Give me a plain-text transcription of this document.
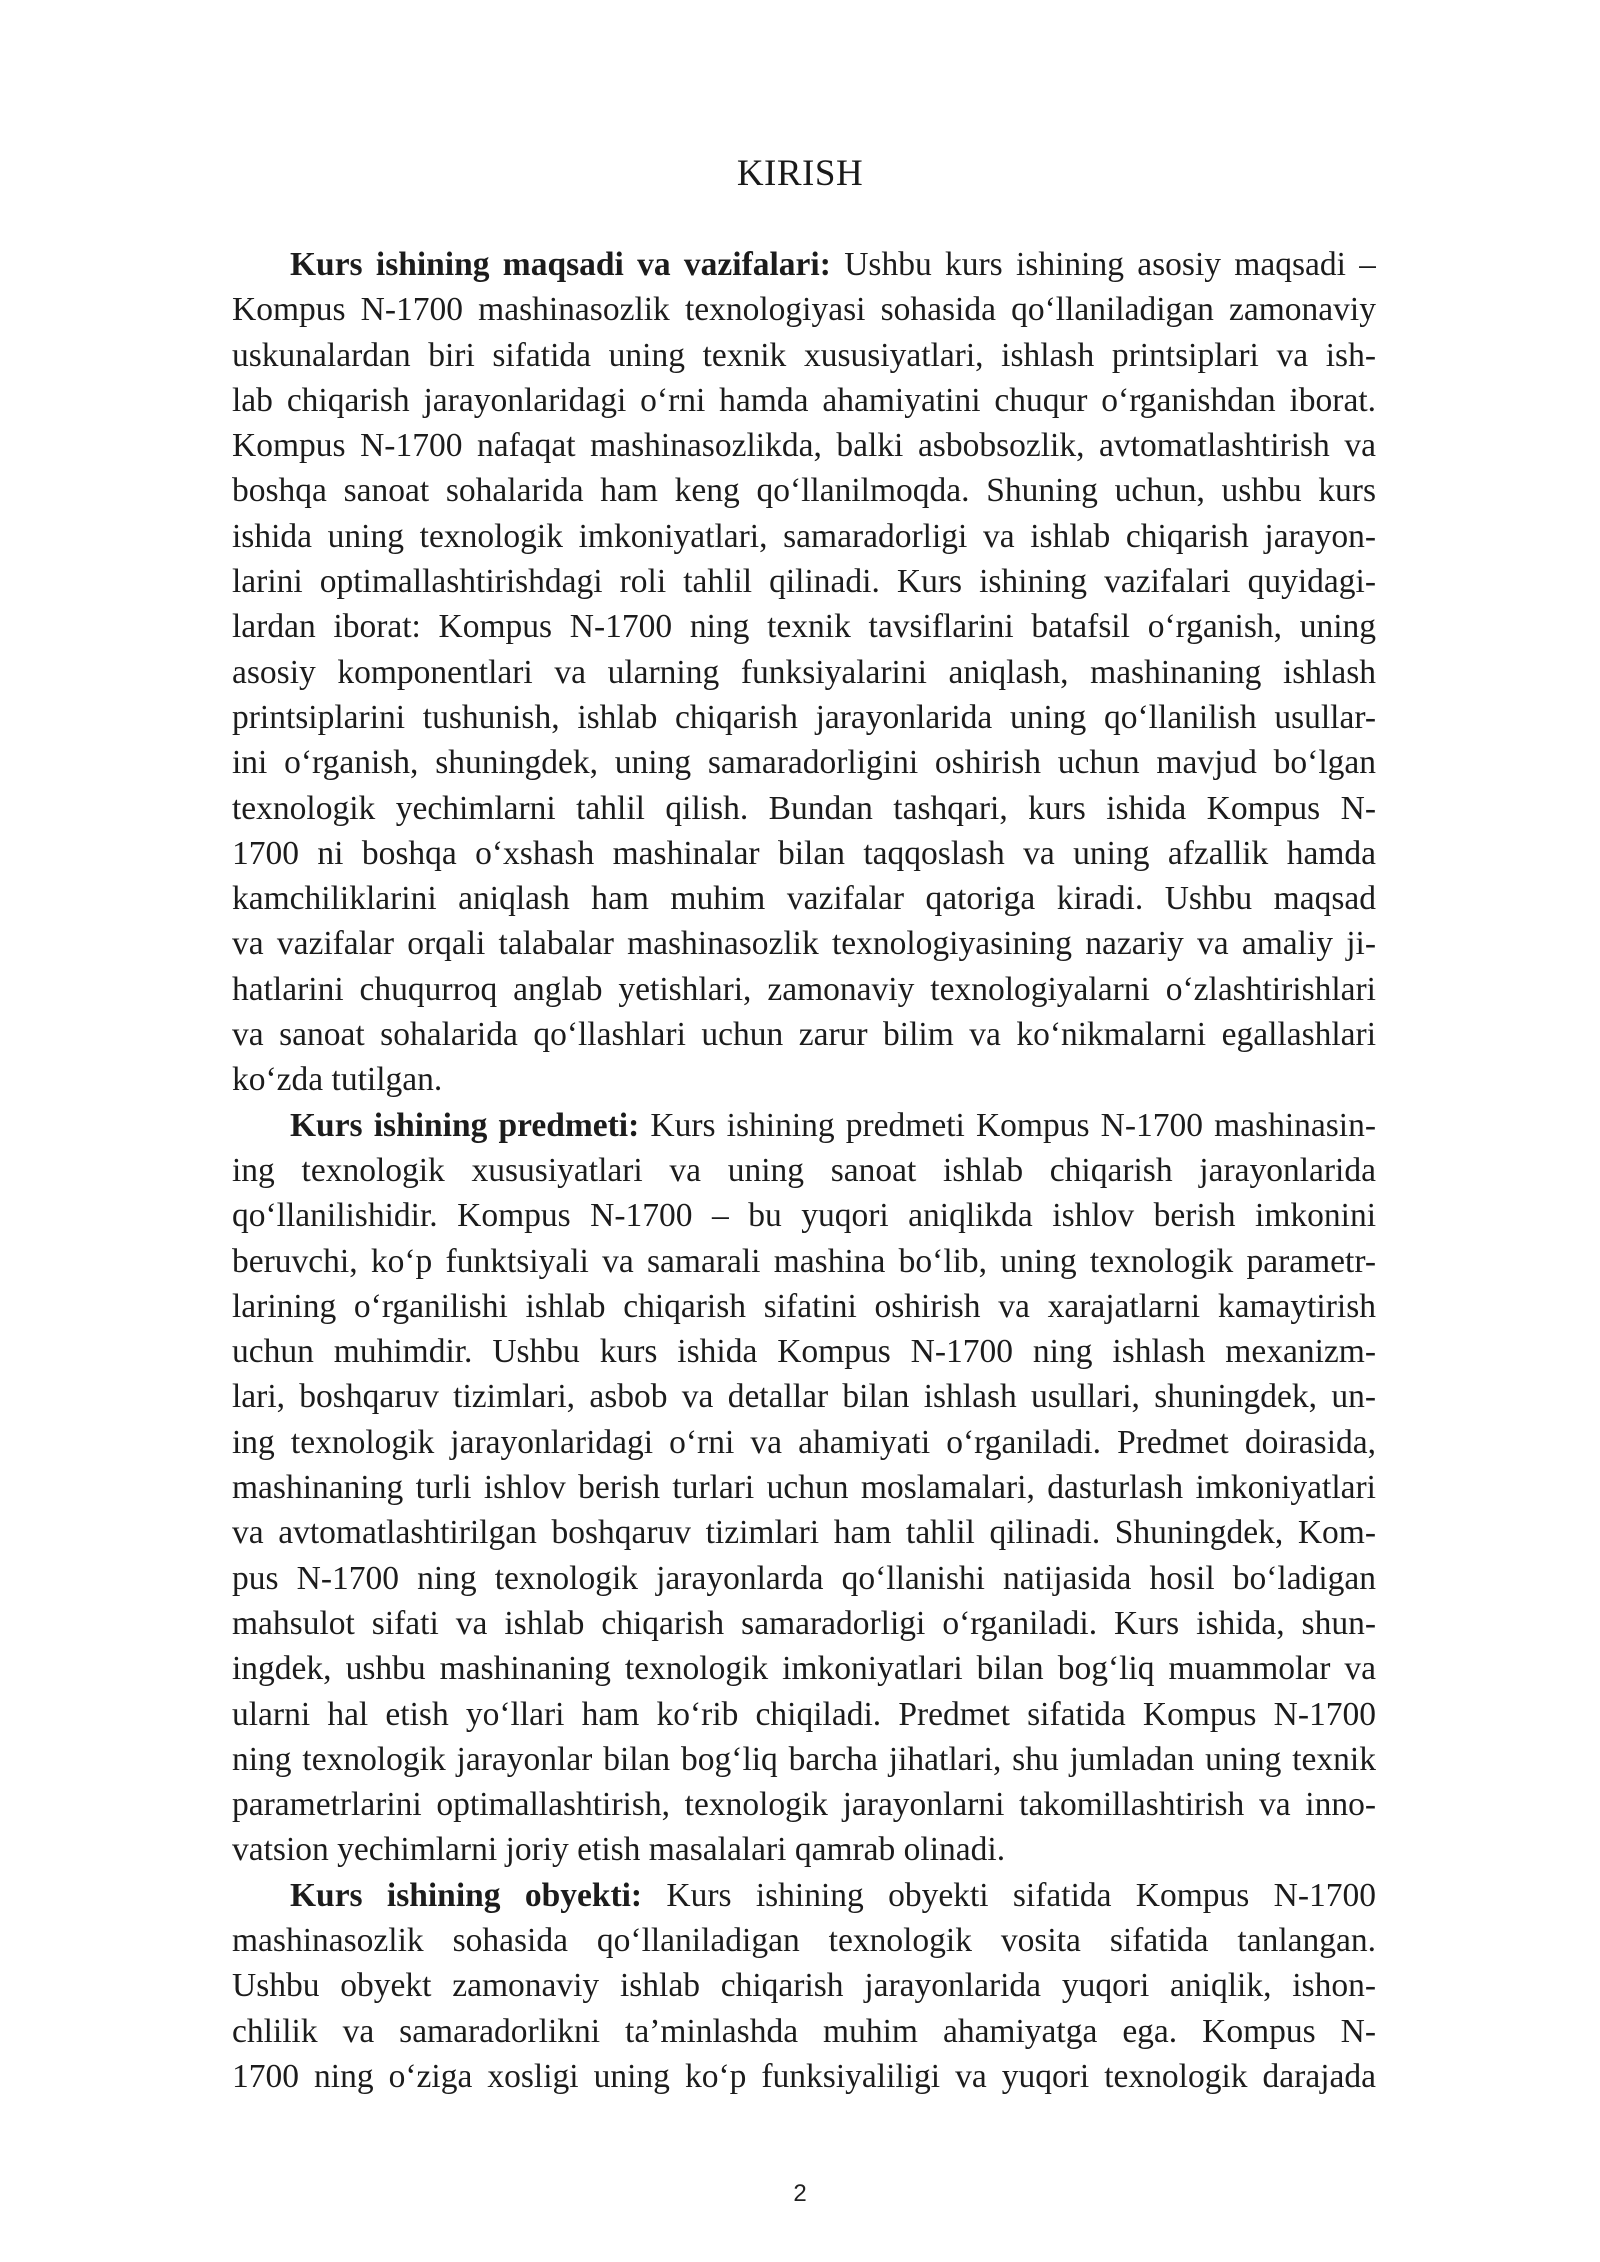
KIRISH
Kurs ishining maqsadi va vazifalari: Ushbu kurs ishining asosiy maqsadi –
Kompus N-1700 mashinasozlik texnologiyasi sohasida qo‘llaniladigan zamonaviy
uskunalardan biri sifatida uning texnik xususiyatlari, ishlash printsiplari va ish-
lab chiqarish jarayonlaridagi o‘rni hamda ahamiyatini chuqur o‘rganishdan iborat.
Kompus N-1700 nafaqat mashinasozlikda, balki asbobsozlik, avtomatlashtirish va
boshqa sanoat sohalarida ham keng qo‘llanilmoqda. Shuning uchun, ushbu kurs
ishida uning texnologik imkoniyatlari, samaradorligi va ishlab chiqarish jarayon-
larini optimallashtirishdagi roli tahlil qilinadi. Kurs ishining vazifalari quyidagi-
lardan iborat: Kompus N-1700 ning texnik tavsiflarini batafsil o‘rganish, uning
asosiy komponentlari va ularning funksiyalarini aniqlash, mashinaning ishlash
printsiplarini tushunish, ishlab chiqarish jarayonlarida uning qo‘llanilish usullar-
ini o‘rganish, shuningdek, uning samaradorligini oshirish uchun mavjud bo‘lgan
texnologik yechimlarni tahlil qilish. Bundan tashqari, kurs ishida Kompus N-
1700 ni boshqa o‘xshash mashinalar bilan taqqoslash va uning afzallik hamda
kamchiliklarini aniqlash ham muhim vazifalar qatoriga kiradi. Ushbu maqsad
va vazifalar orqali talabalar mashinasozlik texnologiyasining nazariy va amaliy ji-
hatlarini chuqurroq anglab yetishlari, zamonaviy texnologiyalarni o‘zlashtirishlari
va sanoat sohalarida qo‘llashlari uchun zarur bilim va ko‘nikmalarni egallashlari
ko‘zda tutilgan.
Kurs ishining predmeti: Kurs ishining predmeti Kompus N-1700 mashinasin-
ing texnologik xususiyatlari va uning sanoat ishlab chiqarish jarayonlarida
qo‘llanilishidir. Kompus N-1700 – bu yuqori aniqlikda ishlov berish imkonini
beruvchi, ko‘p funktsiyali va samarali mashina bo‘lib, uning texnologik parametr-
larining o‘rganilishi ishlab chiqarish sifatini oshirish va xarajatlarni kamaytirish
uchun muhimdir. Ushbu kurs ishida Kompus N-1700 ning ishlash mexanizm-
lari, boshqaruv tizimlari, asbob va detallar bilan ishlash usullari, shuningdek, un-
ing texnologik jarayonlaridagi o‘rni va ahamiyati o‘rganiladi. Predmet doirasida,
mashinaning turli ishlov berish turlari uchun moslamalari, dasturlash imkoniyatlari
va avtomatlashtirilgan boshqaruv tizimlari ham tahlil qilinadi. Shuningdek, Kom-
pus N-1700 ning texnologik jarayonlarda qo‘llanishi natijasida hosil bo‘ladigan
mahsulot sifati va ishlab chiqarish samaradorligi o‘rganiladi. Kurs ishida, shun-
ingdek, ushbu mashinaning texnologik imkoniyatlari bilan bog‘liq muammolar va
ularni hal etish yo‘llari ham ko‘rib chiqiladi. Predmet sifatida Kompus N-1700
ning texnologik jarayonlar bilan bog‘liq barcha jihatlari, shu jumladan uning texnik
parametrlarini optimallashtirish, texnologik jarayonlarni takomillashtirish va inno-
vatsion yechimlarni joriy etish masalalari qamrab olinadi.
Kurs ishining obyekti: Kurs ishining obyekti sifatida Kompus N-1700
mashinasozlik sohasida qo‘llaniladigan texnologik vosita sifatida tanlangan.
Ushbu obyekt zamonaviy ishlab chiqarish jarayonlarida yuqori aniqlik, ishon-
chlilik va samaradorlikni ta’minlashda muhim ahamiyatga ega. Kompus N-
1700 ning o‘ziga xosligi uning ko‘p funksiyaliligi va yuqori texnologik darajada
2
